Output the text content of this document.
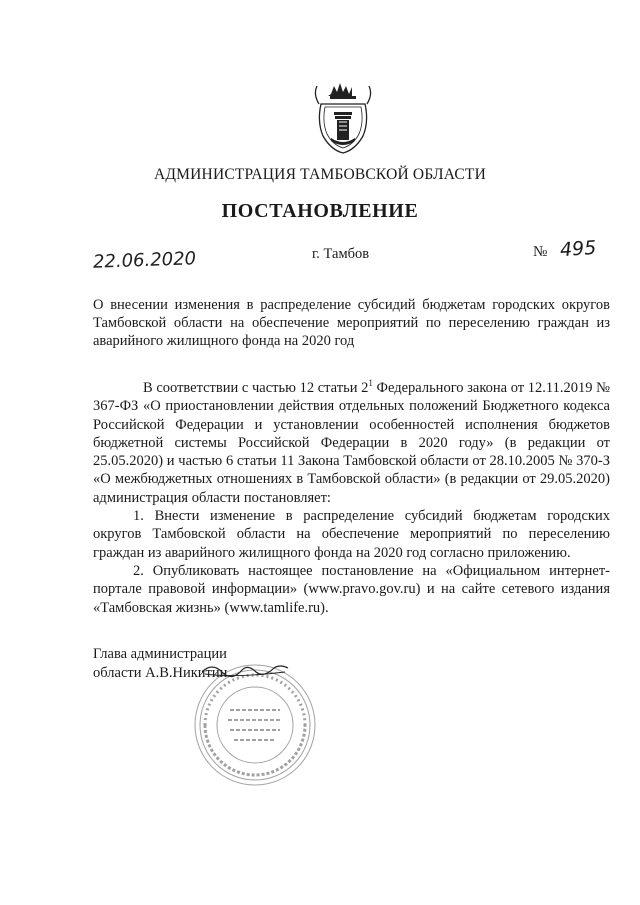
АДМИНИСТРАЦИЯ ТАМБОВСКОЙ ОБЛАСТИ
ПОСТАНОВЛЕНИЕ
22.06.2020	г. Тамбов	№ 495
О внесении изменения в распределение субсидий бюджетам городских округов Тамбовской области на обеспечение мероприятий по переселению граждан из аварийного жилищного фонда на 2020 год

В соответствии с частью 12 статьи $2^1$ Федерального закона от 12.11.2019 № 367-ФЗ «О приостановлении действия отдельных положений Бюджетного кодекса Российской Федерации и установлении особенностей исполнения бюджетов бюджетной системы Российской Федерации в 2020 году» (в редакции от 25.05.2020) и частью 6 статьи 11 Закона Тамбовской области от 28.10.2005 № 370-З «О межбюджетных отношениях в Тамбовской области» (в редакции от 29.05.2020) администрация области постановляет:

1. Внести изменение в распределение субсидий бюджетам городских округов Тамбовской области на обеспечение мероприятий по переселению граждан из аварийного жилищного фонда на 2020 год согласно приложению.

2. Опубликовать настоящее постановление на «Официальном интернет-портале правовой информации» (www.pravo.gov.ru) и на сайте сетевого издания «Тамбовская жизнь» (www.tamlife.ru).

Глава администрации
области А.В.Никитин
